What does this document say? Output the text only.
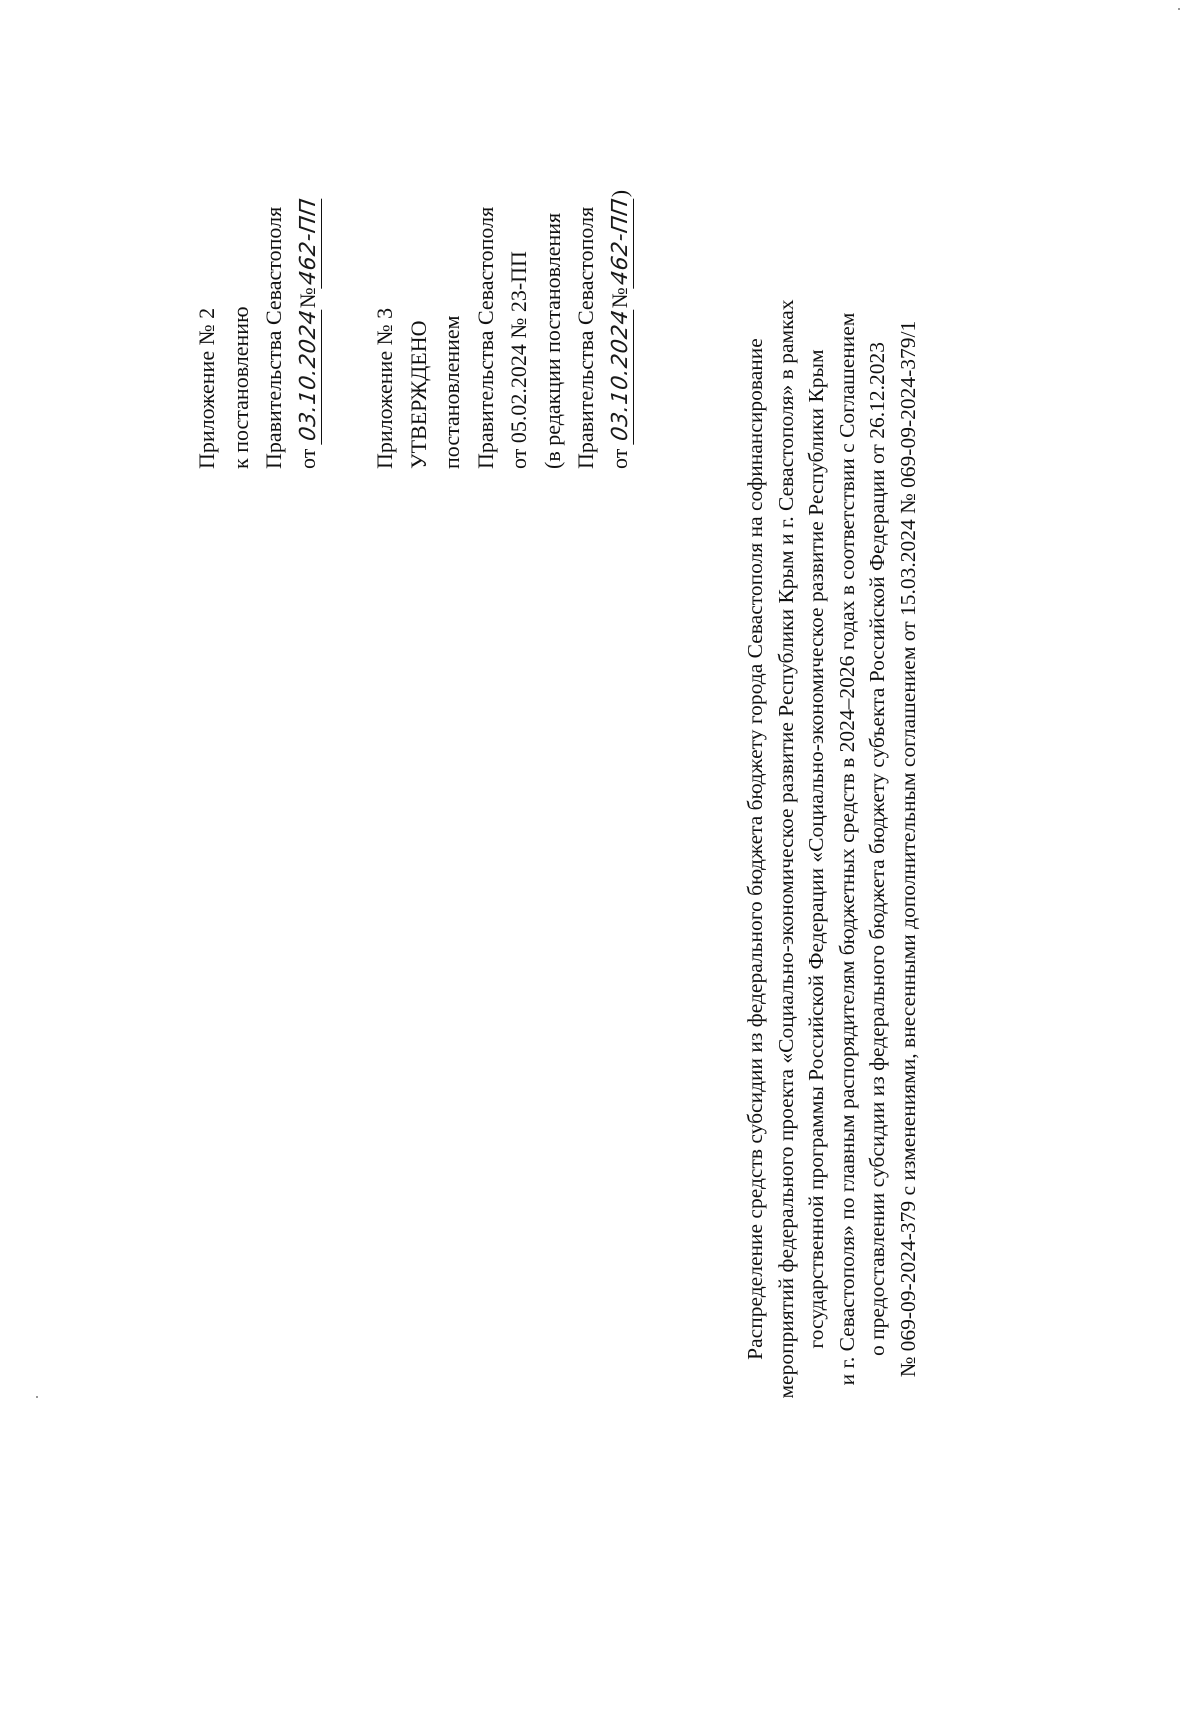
Приложение № 2 к постановлению Правительства Севастополя от 03.10.2024№462-ПП
Приложение № 3 УТВЕРЖДЕНО постановлением Правительства Севастополя от 05.02.2024 № 23-ПП (в редакции постановления Правительства Севастополя от 03.10.2024№462-ПП)
Распределение средств субсидии из федерального бюджета бюджету города Севастополя на софинансирование мероприятий федерального проекта «Социально-экономическое развитие Республики Крым и г. Севастополя» в рамках государственной программы Российской Федерации «Социально-экономическое развитие Республики Крым и г. Севастополя» по главным распорядителям бюджетных средств в 2024–2026 годах в соответствии с Соглашением о предоставлении субсидии из федерального бюджета бюджету субъекта Российской Федерации от 26.12.2023 № 069-09-2024-379 с изменениями, внесенными дополнительным соглашением от 15.03.2024 № 069-09-2024-379/1
